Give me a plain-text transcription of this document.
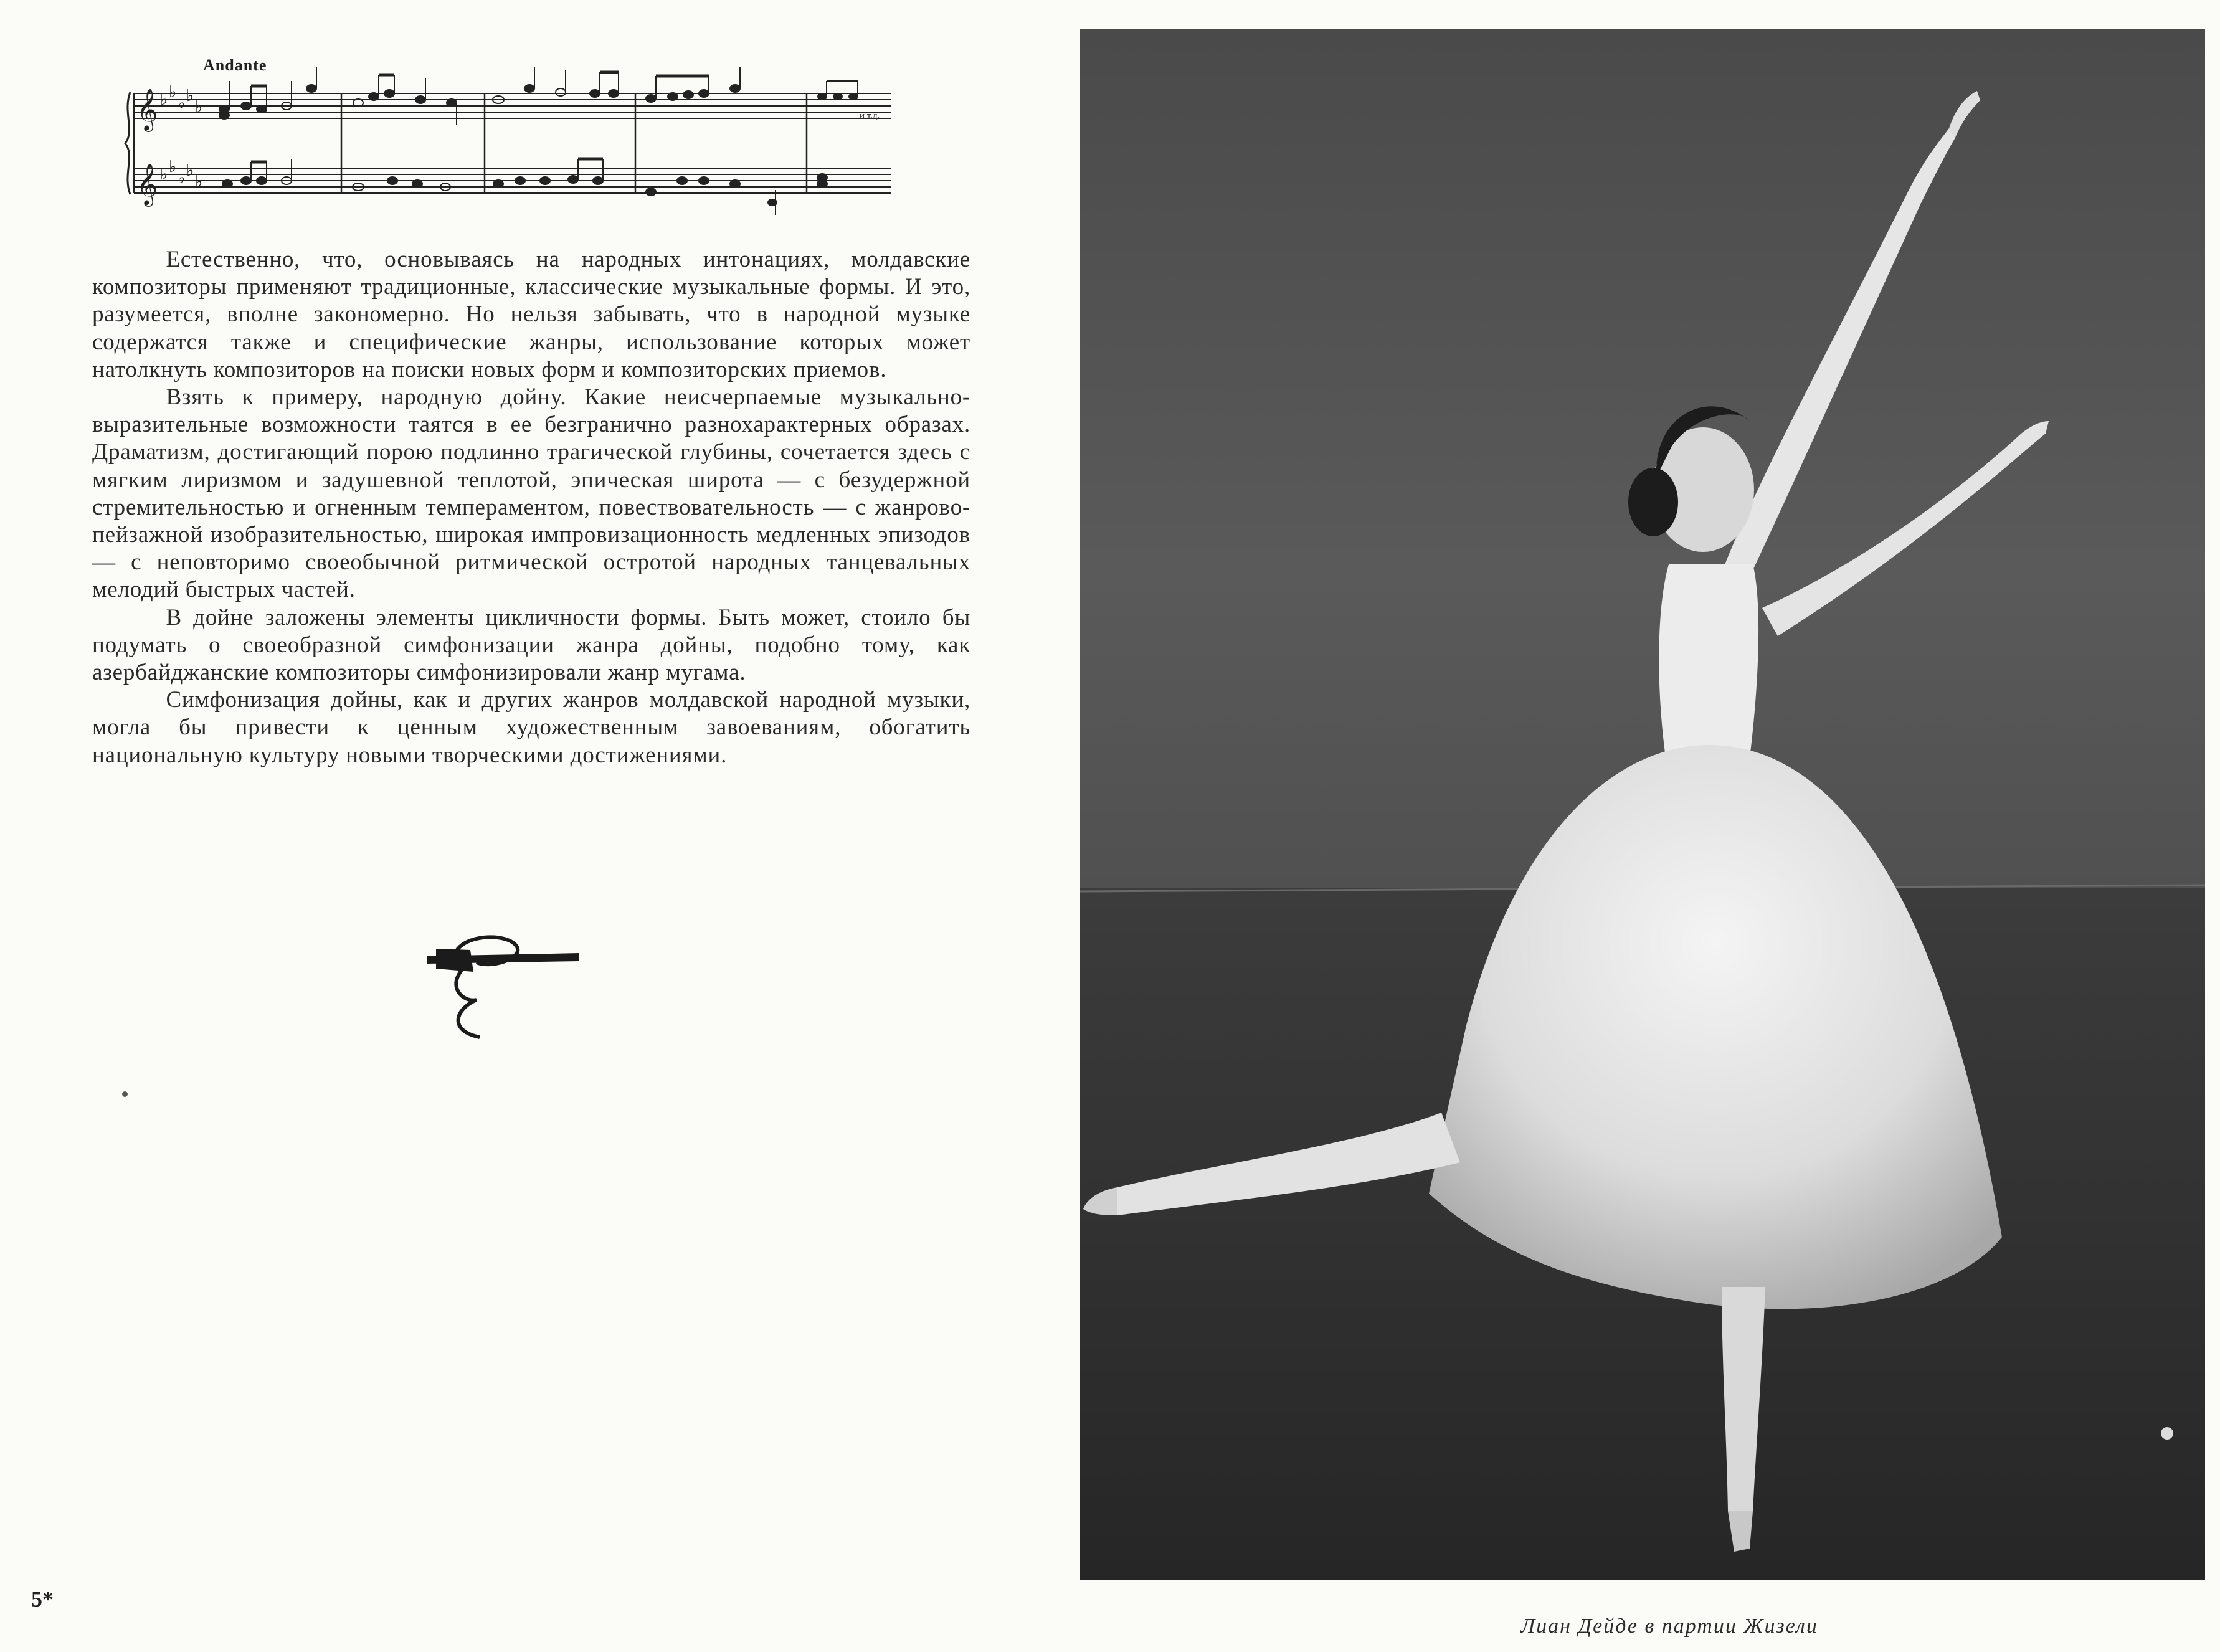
Andante
𝄞
𝄞
♭ ♭
♭ ♭
♭
♭ ♭
♭ ♭
♭
и т.д.

Естественно, что, основываясь на народных интонациях, молдавские композиторы применяют традиционные, классические музыкальные формы. И это, разумеется, вполне закономерно. Но нельзя забывать, что в народной музыке содержатся также и специфические жанры, использование которых может натолкнуть композиторов на поиски новых форм и композиторских приемов.

Взять к примеру, народную дойну. Какие неисчерпаемые музыкально-выразительные возможности таятся в ее безгранично разнохарактерных образах. Драматизм, достигающий порою подлинно трагической глубины, сочетается здесь с мягким лиризмом и задушевной теплотой, эпическая широта — с безудержной стремительностью и огненным темпераментом, повествовательность — с жанрово-пейзажной изобразительностью, широкая импровизационность медленных эпизодов — с неповторимо своеобычной ритмической остротой народных танцевальных мелодий быстрых частей.

В дойне заложены элементы цикличности формы. Быть может, стоило бы подумать о своеобразной симфонизации жанра дойны, подобно тому, как азербайджанские композиторы симфонизировали жанр мугама.

Симфонизация дойны, как и других жанров молдавской народной музыки, могла бы привести к ценным художественным завоеваниям, обогатить национальную культуру новыми творческими достижениями.

5*
Лиан Дейде в партии Жизели
